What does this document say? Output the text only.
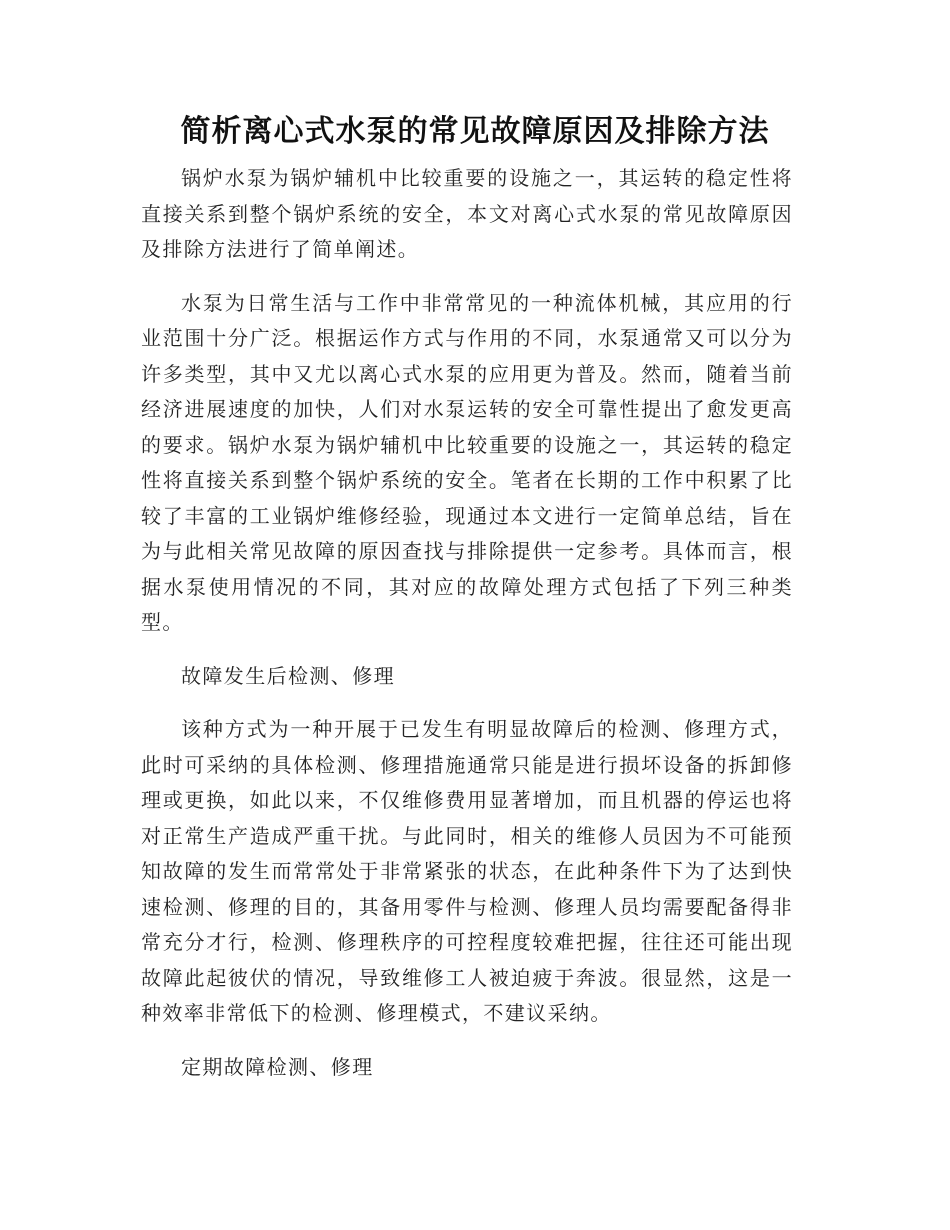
简析离心式水泵的常见故障原因及排除方法

锅炉水泵为锅炉辅机中比较重要的设施之一，其运转的稳定性将直接关系到整个锅炉系统的安全，本文对离心式水泵的常见故障原因及排除方法进行了简单阐述。

水泵为日常生活与工作中非常常见的一种流体机械，其应用的行业范围十分广泛。根据运作方式与作用的不同，水泵通常又可以分为许多类型，其中又尤以离心式水泵的应用更为普及。然而，随着当前经济进展速度的加快，人们对水泵运转的安全可靠性提出了愈发更高的要求。锅炉水泵为锅炉辅机中比较重要的设施之一，其运转的稳定性将直接关系到整个锅炉系统的安全。笔者在长期的工作中积累了比较了丰富的工业锅炉维修经验，现通过本文进行一定简单总结，旨在为与此相关常见故障的原因查找与排除提供一定参考。具体而言，根据水泵使用情况的不同，其对应的故障处理方式包括了下列三种类型。

故障发生后检测、修理

该种方式为一种开展于已发生有明显故障后的检测、修理方式，此时可采纳的具体检测、修理措施通常只能是进行损坏设备的拆卸修理或更换，如此以来，不仅维修费用显著增加，而且机器的停运也将对正常生产造成严重干扰。与此同时，相关的维修人员因为不可能预知故障的发生而常常处于非常紧张的状态，在此种条件下为了达到快速检测、修理的目的，其备用零件与检测、修理人员均需要配备得非常充分才行，检测、修理秩序的可控程度较难把握，往往还可能出现故障此起彼伏的情况，导致维修工人被迫疲于奔波。很显然，这是一种效率非常低下的检测、修理模式，不建议采纳。

定期故障检测、修理
